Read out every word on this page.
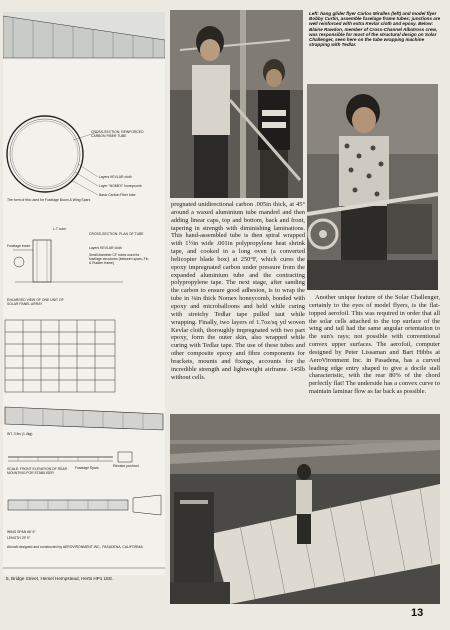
CROSS-SECTION: REINFORCED CARBON FIBER TUBE
Layers KEVLAR cloth
Layer "NOMEX" honeycomb
Basic Carbon Fiber tube
The form of ribs used for Fuselage Boom & Wing Spars
CROSS-SECTION: PLAN OF TUBE
L.T. tube
Layers KEVLAR cloth
Small diameter CF tubes used for fuselage structures (between spars, Fin & Rudder frame)
Fuselage boom
ENLARGED VIEW OF ONE UNIT OF SOLAR PANEL ARRAY
WT. 3 lbs (1.4kg)
SCALE: FRONT ELEVATION OF REAR MOUNTING FOR STABILISER
Fuselage Spars	Elevator pushrod
WING SPAN 68' 6"
LENGTH 29' 9"
Aircraft designed and constructed by AEROVIRONMENT INC., PASADENA, CALIFORNIA
Left: hang glider flyer Carlos Miralles (left) and model flyer Bobby Curtin, assemble fuselage frame tubes; junctions are well reinforced with extra Kevlar cloth and epoxy. Below: Blaine Rawdon, member of Cross-Channel Albatross crew, was responsible for most of the structural design on Solar Challenger, seen here on the tube wrapping machine strapping with Tedlar.

pregnated unidirectional carbon .005in thick, at 45° around a waxed aluminium tube mandrel and then adding linear caps, top and bottom, back and front, tapering in strength with diminishing laminations. This hand-assembled tube is then spiral wrapped with 1½in wide .001in polypropylene heat shrink tape, and cooked in a long oven (a converted helicopter blade box) at 250°F, which cures the epoxy impregnated carbon under pressure from the expanded aluminium tube and the contracting polypropylene tape. The next stage, after sanding the carbon to ensure good adhesion, is to wrap the tube in ⅛in thick Nomex honeycomb, bonded with epoxy and microballoons and held while curing with stretchy Tedlar tape pulled taut while wrapping. Finally, two layers of 1.7oz/sq yd woven Kevlar cloth, thoroughly impregnated with two part epoxy, form the outer skin, also wrapped while curing with Tedlar tape. The use of these tubes and other composite epoxy and fibre components for brackets, mounts and fixings, accounts for the incredible strength and lightweight airframe. 145lb without cells.

Another unique feature of the Solar Challenger, certainly to the eyes of model flyers, is the flat-topped aerofoil. This was required in order that all the solar cells attached to the top surface of the wing and tail had the same angular orientation to the sun's rays; not possible with conventional convex upper surfaces. The aerofoil, computer designed by Peter Lissaman and Bart Hibbs at AeroVironment Inc. in Pasadena, has a curved leading edge entry shaped to give a docile stall characteristic, with the rear 80% of the chord perfectly flat! The underside has a convex curve to maintain laminar flow as far back as possible.

5, Bridge Street, Hemel Hempstead, Herts HP1 1EE.
13
